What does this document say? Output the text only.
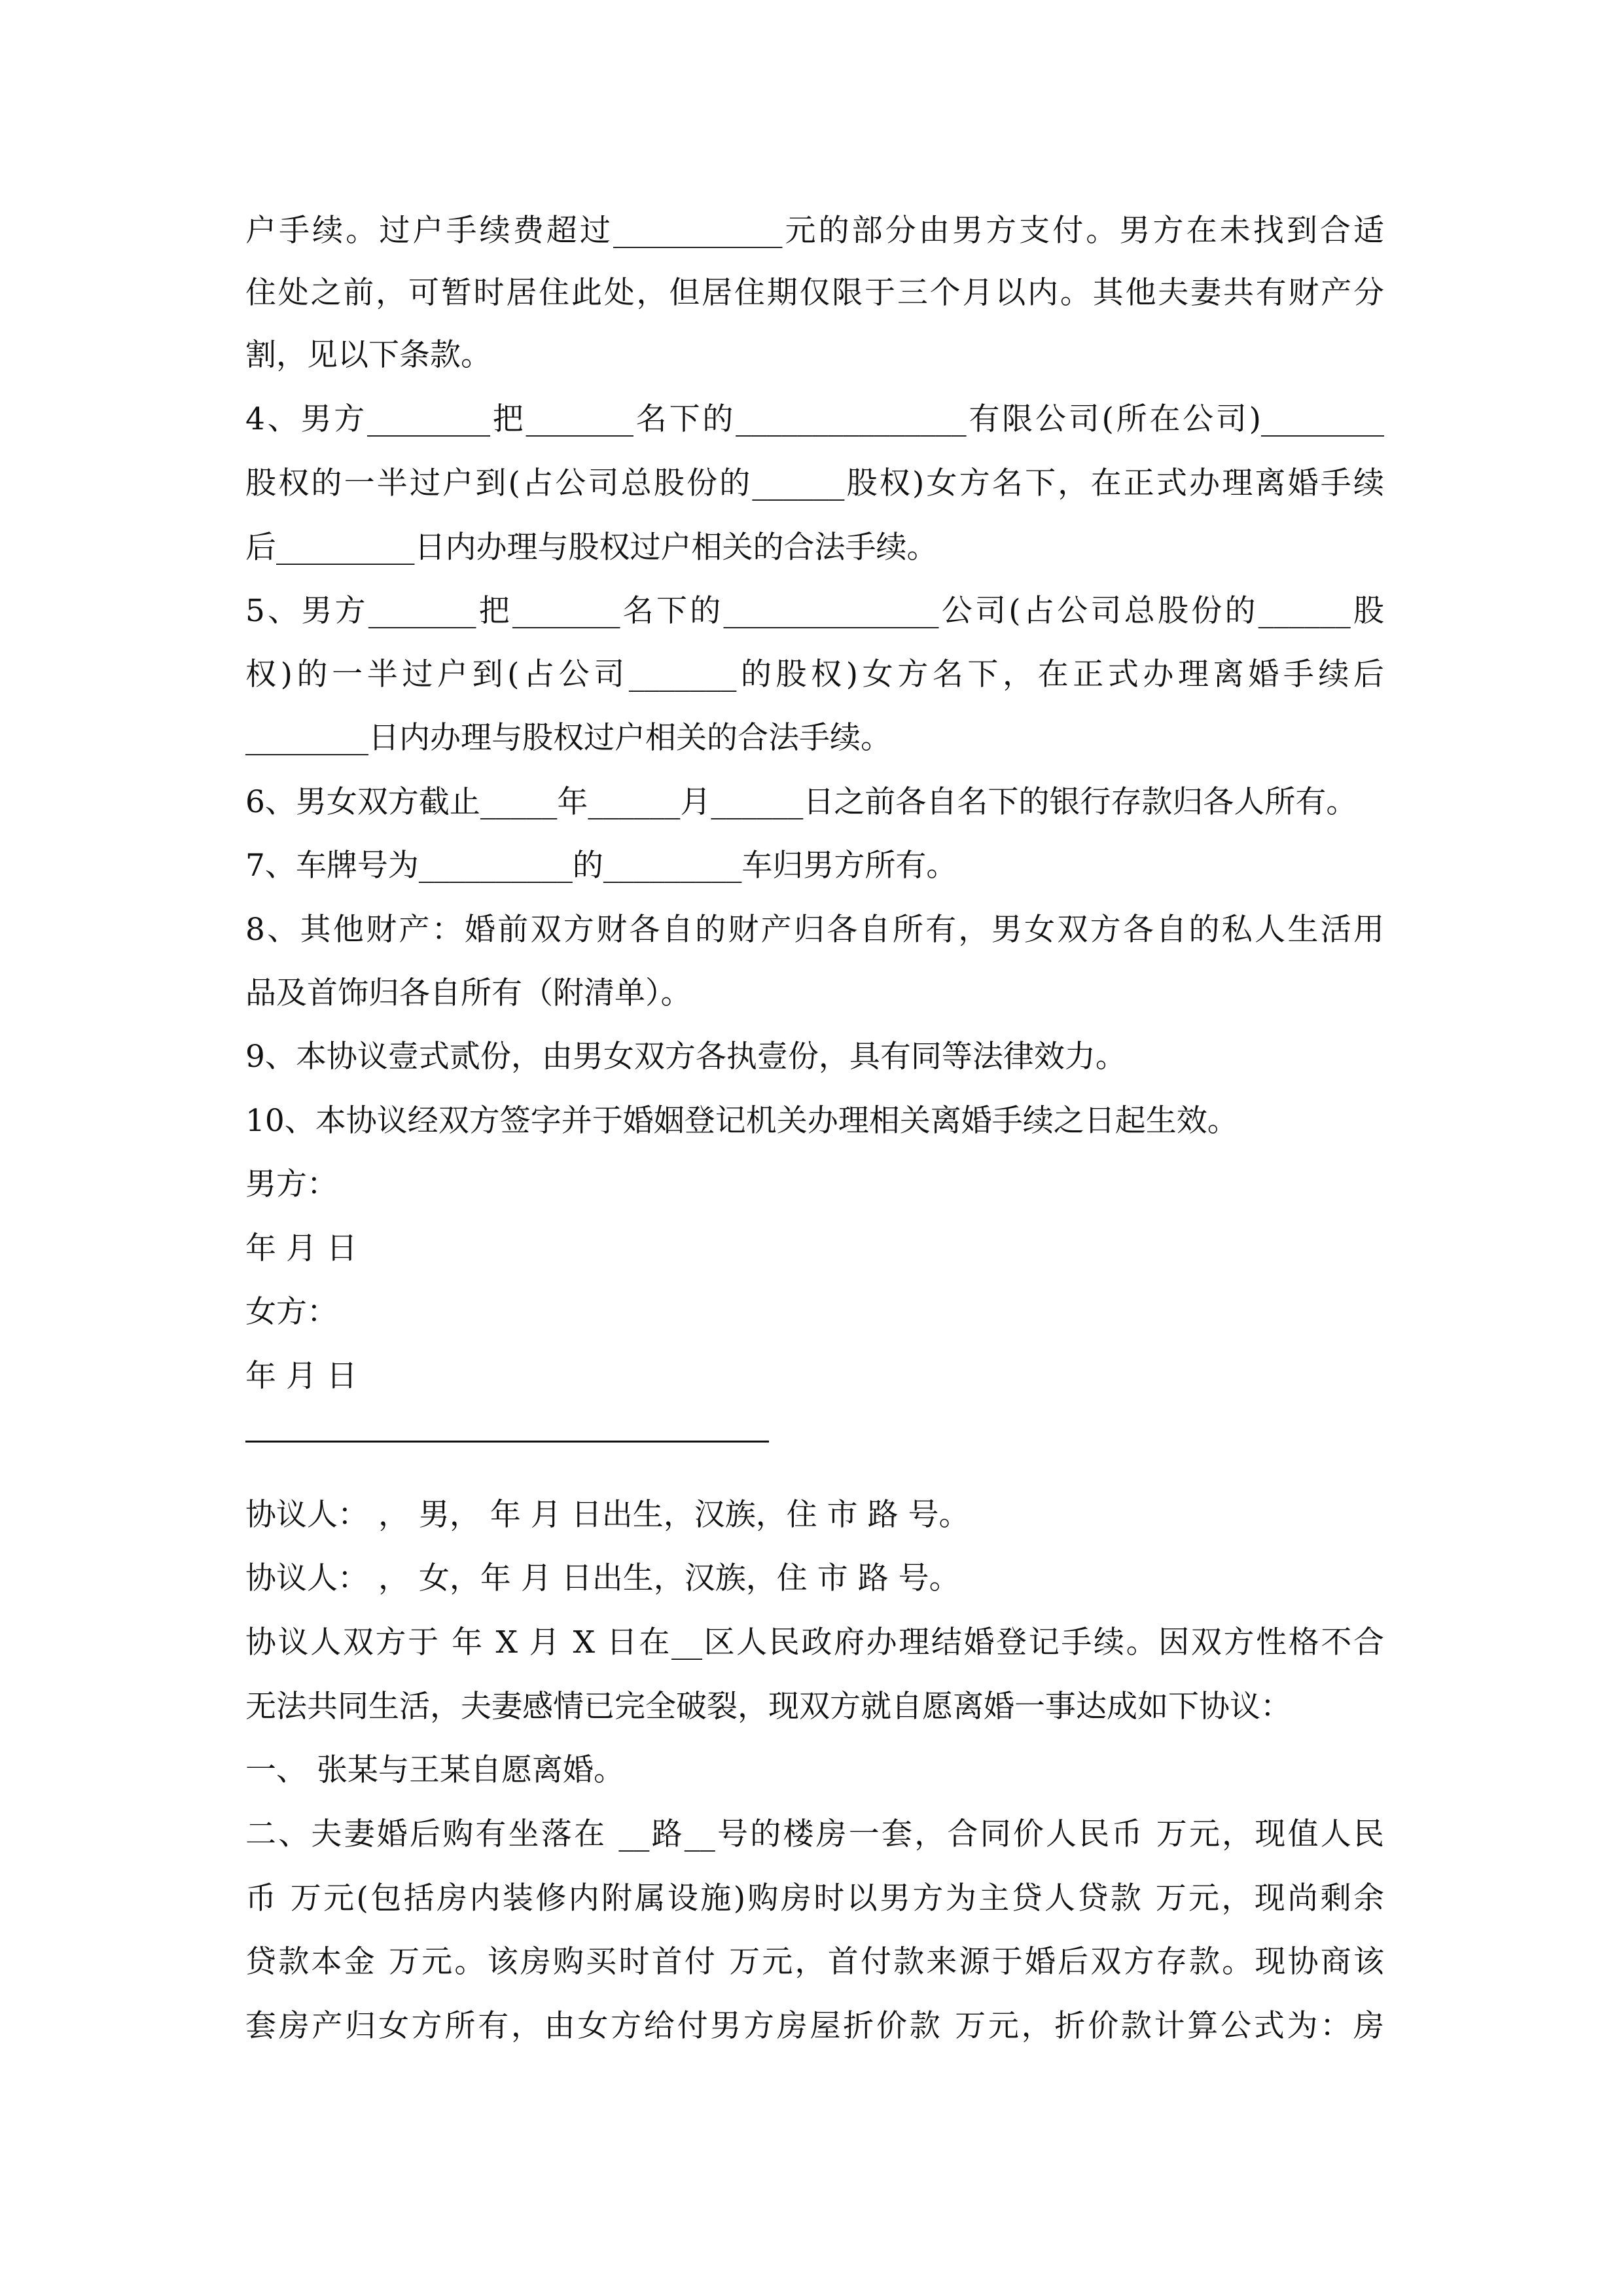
户手续。过户手续费超过___________元的部分由男方支付。男方在未找到合适
住处之前，可暂时居住此处，但居住期仅限于三个月以内。其他夫妻共有财产分
割，见以下条款。
4、男方________把_______名下的_______________有限公司(所在公司)________
股权的一半过户到(占公司总股份的______股权)女方名下，在正式办理离婚手续
后_________日内办理与股权过户相关的合法手续。
5、男方_______把_______名下的______________公司(占公司总股份的______股
权)的一半过户到(占公司_______的股权)女方名下，在正式办理离婚手续后
________日内办理与股权过户相关的合法手续。
6、男女双方截止_____年______月______日之前各自名下的银行存款归各人所有。
7、车牌号为__________的_________车归男方所有。
8、其他财产：婚前双方财各自的财产归各自所有，男女双方各自的私人生活用
品及首饰归各自所有（附清单）。
9、本协议壹式贰份，由男女双方各执壹份，具有同等法律效力。
10、本协议经双方签字并于婚姻登记机关办理相关离婚手续之日起生效。
男方：
年 月 日
女方：
年 月 日
协议人： ， 男， 年 月 日出生，汉族，住 市 路 号。
协议人： ， 女，年 月 日出生，汉族，住 市 路 号。
协议人双方于 年 X 月 X 日在__区人民政府办理结婚登记手续。因双方性格不合
无法共同生活，夫妻感情已完全破裂，现双方就自愿离婚一事达成如下协议：
一、 张某与王某自愿离婚。
二、夫妻婚后购有坐落在 __路__号的楼房一套，合同价人民币 万元，现值人民
币 万元(包括房内装修内附属设施)购房时以男方为主贷人贷款 万元，现尚剩余
贷款本金 万元。该房购买时首付 万元，首付款来源于婚后双方存款。现协商该
套房产归女方所有，由女方给付男方房屋折价款 万元，折价款计算公式为：房
